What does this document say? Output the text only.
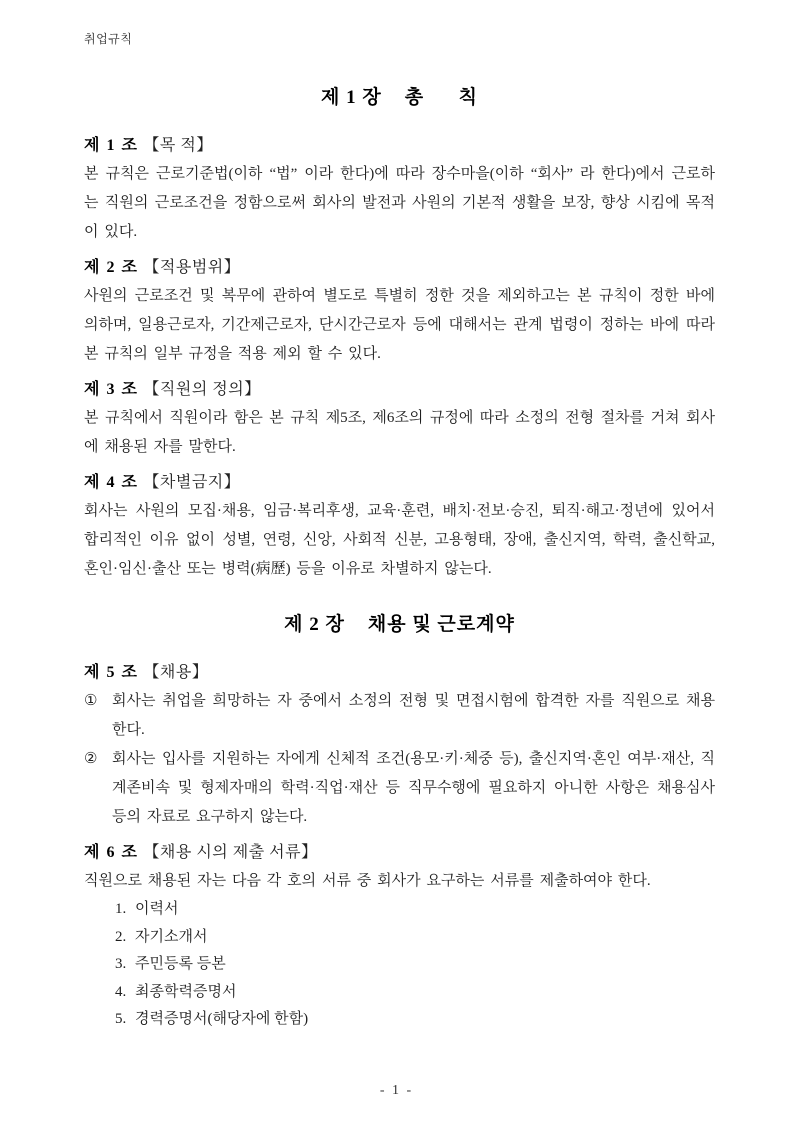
취업규칙
제 1 장    총      칙
제 1 조 【목 적】

본 규칙은 근로기준법(이하 “법” 이라 한다)에 따라 장수마을(이하 “회사” 라 한다)에서 근로하는 직원의 근로조건을 정함으로써 회사의 발전과 사원의 기본적 생활을 보장, 향상 시킴에 목적이 있다.

제 2 조 【적용범위】

사원의 근로조건 및 복무에 관하여 별도로 특별히 정한 것을 제외하고는 본 규칙이 정한 바에 의하며, 일용근로자, 기간제근로자, 단시간근로자 등에 대해서는 관계 법령이 정하는 바에 따라 본 규칙의 일부 규정을 적용 제외 할 수 있다.

제 3 조 【직원의 정의】

본 규칙에서 직원이라 함은 본 규칙 제5조, 제6조의 규정에 따라 소정의 전형 절차를 거쳐 회사에 채용된 자를 말한다.

제 4 조 【차별금지】

회사는 사원의 모집·채용, 임금·복리후생, 교육·훈련, 배치·전보·승진, 퇴직·해고·정년에 있어서 합리적인 이유 없이 성별, 연령, 신앙, 사회적 신분, 고용형태, 장애, 출신지역, 학력, 출신학교, 혼인·임신·출산 또는 병력(病歷) 등을 이유로 차별하지 않는다.

제 2 장    채용 및 근로계약
제 5 조 【채용】
① 회사는 취업을 희망하는 자 중에서 소정의 전형 및 면접시험에 합격한 자를 직원으로 채용한다.

② 회사는 입사를 지원하는 자에게 신체적 조건(용모·키·체중 등), 출신지역·혼인 여부·재산, 직계존비속 및 형제자매의 학력·직업·재산 등 직무수행에 필요하지 아니한 사항은 채용심사 등의 자료로 요구하지 않는다.

제 6 조 【채용 시의 제출 서류】

직원으로 채용된 자는 다음 각 호의 서류 중 회사가 요구하는 서류를 제출하여야 한다.

1. 이력서
2. 자기소개서
3. 주민등록 등본
4. 최종학력증명서
5. 경력증명서(해당자에 한함)
- 1 -
